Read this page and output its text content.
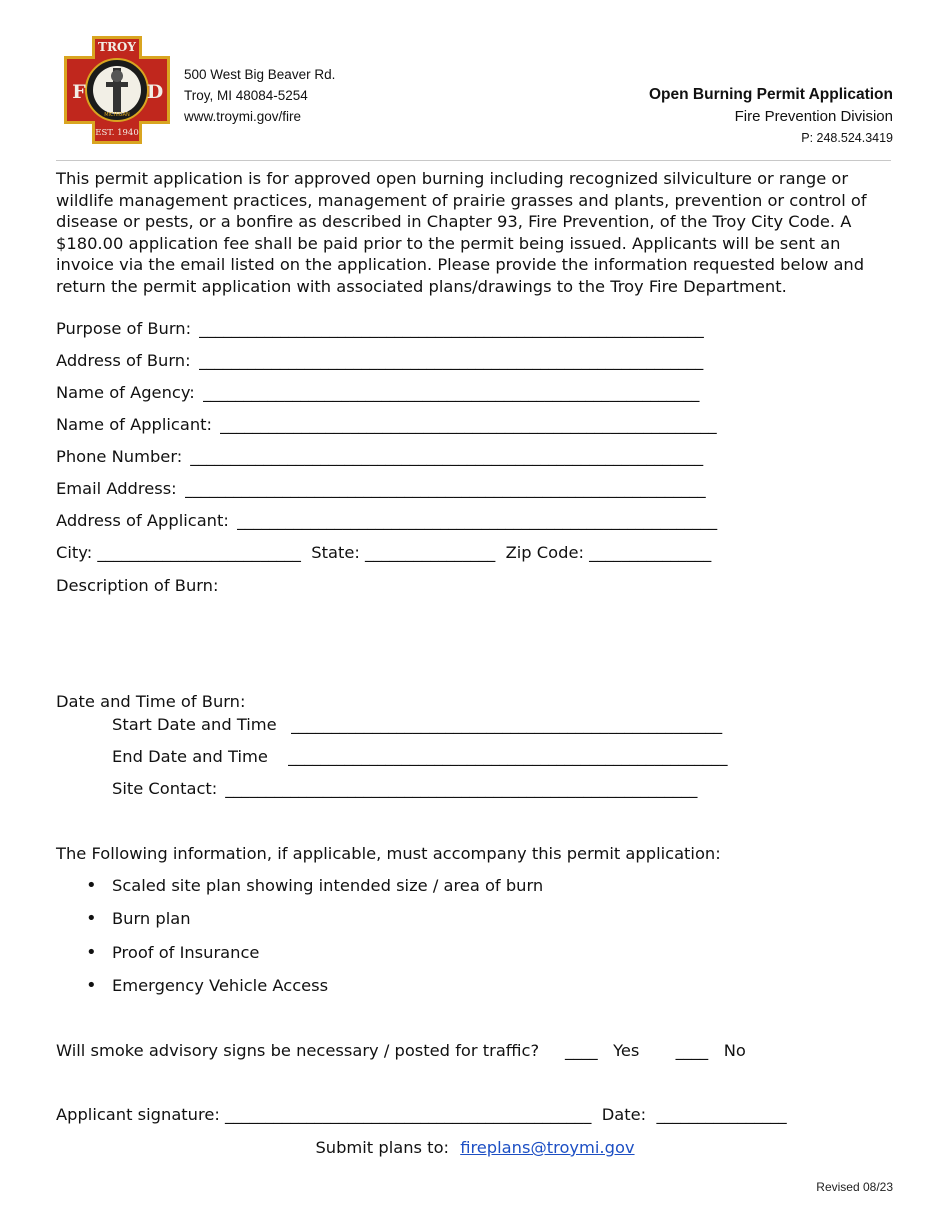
TROY
F	D
MICHIGAN
EST. 1940
500 West Big Beaver Rd.
Troy, MI 48084-5254
www.troymi.gov/fire
Open Burning Permit Application
Fire Prevention Division
P: 248.524.3419

This permit application is for approved open burning including recognized silviculture or range or wildlife management practices, management of prairie grasses and plants, prevention or control of disease or pests, or a bonfire as described in Chapter 93, Fire Prevention, of the Troy City Code. A $180.00 application fee shall be paid prior to the permit being issued. Applicants will be sent an invoice via the email listed on the application. Please provide the information requested below and return the permit application with associated plans/drawings to the Troy Fire Department.

Purpose of Burn: ______________________________________________________________
Address of Burn: ______________________________________________________________
Name of Agency: _____________________________________________________________
Name of Applicant: _____________________________________________________________
Phone Number: _______________________________________________________________
Email Address: ________________________________________________________________
Address of Applicant: ___________________________________________________________
City: _________________________  State: ________________  Zip Code: _______________
Description of Burn:
Date and Time of Burn:
Start Date and Time _____________________________________________________
End Date and Time ______________________________________________________
Site Contact: __________________________________________________________
The Following information, if applicable, must accompany this permit application:
• Scaled site plan showing intended size / area of burn
• Burn plan
• Proof of Insurance
• Emergency Vehicle Access
Will smoke advisory signs be necessary / posted for traffic?     ____   Yes       ____   No
Applicant signature: _____________________________________________  Date:  ________________
Submit plans to: fireplans@troymi.gov
Revised 08/23
